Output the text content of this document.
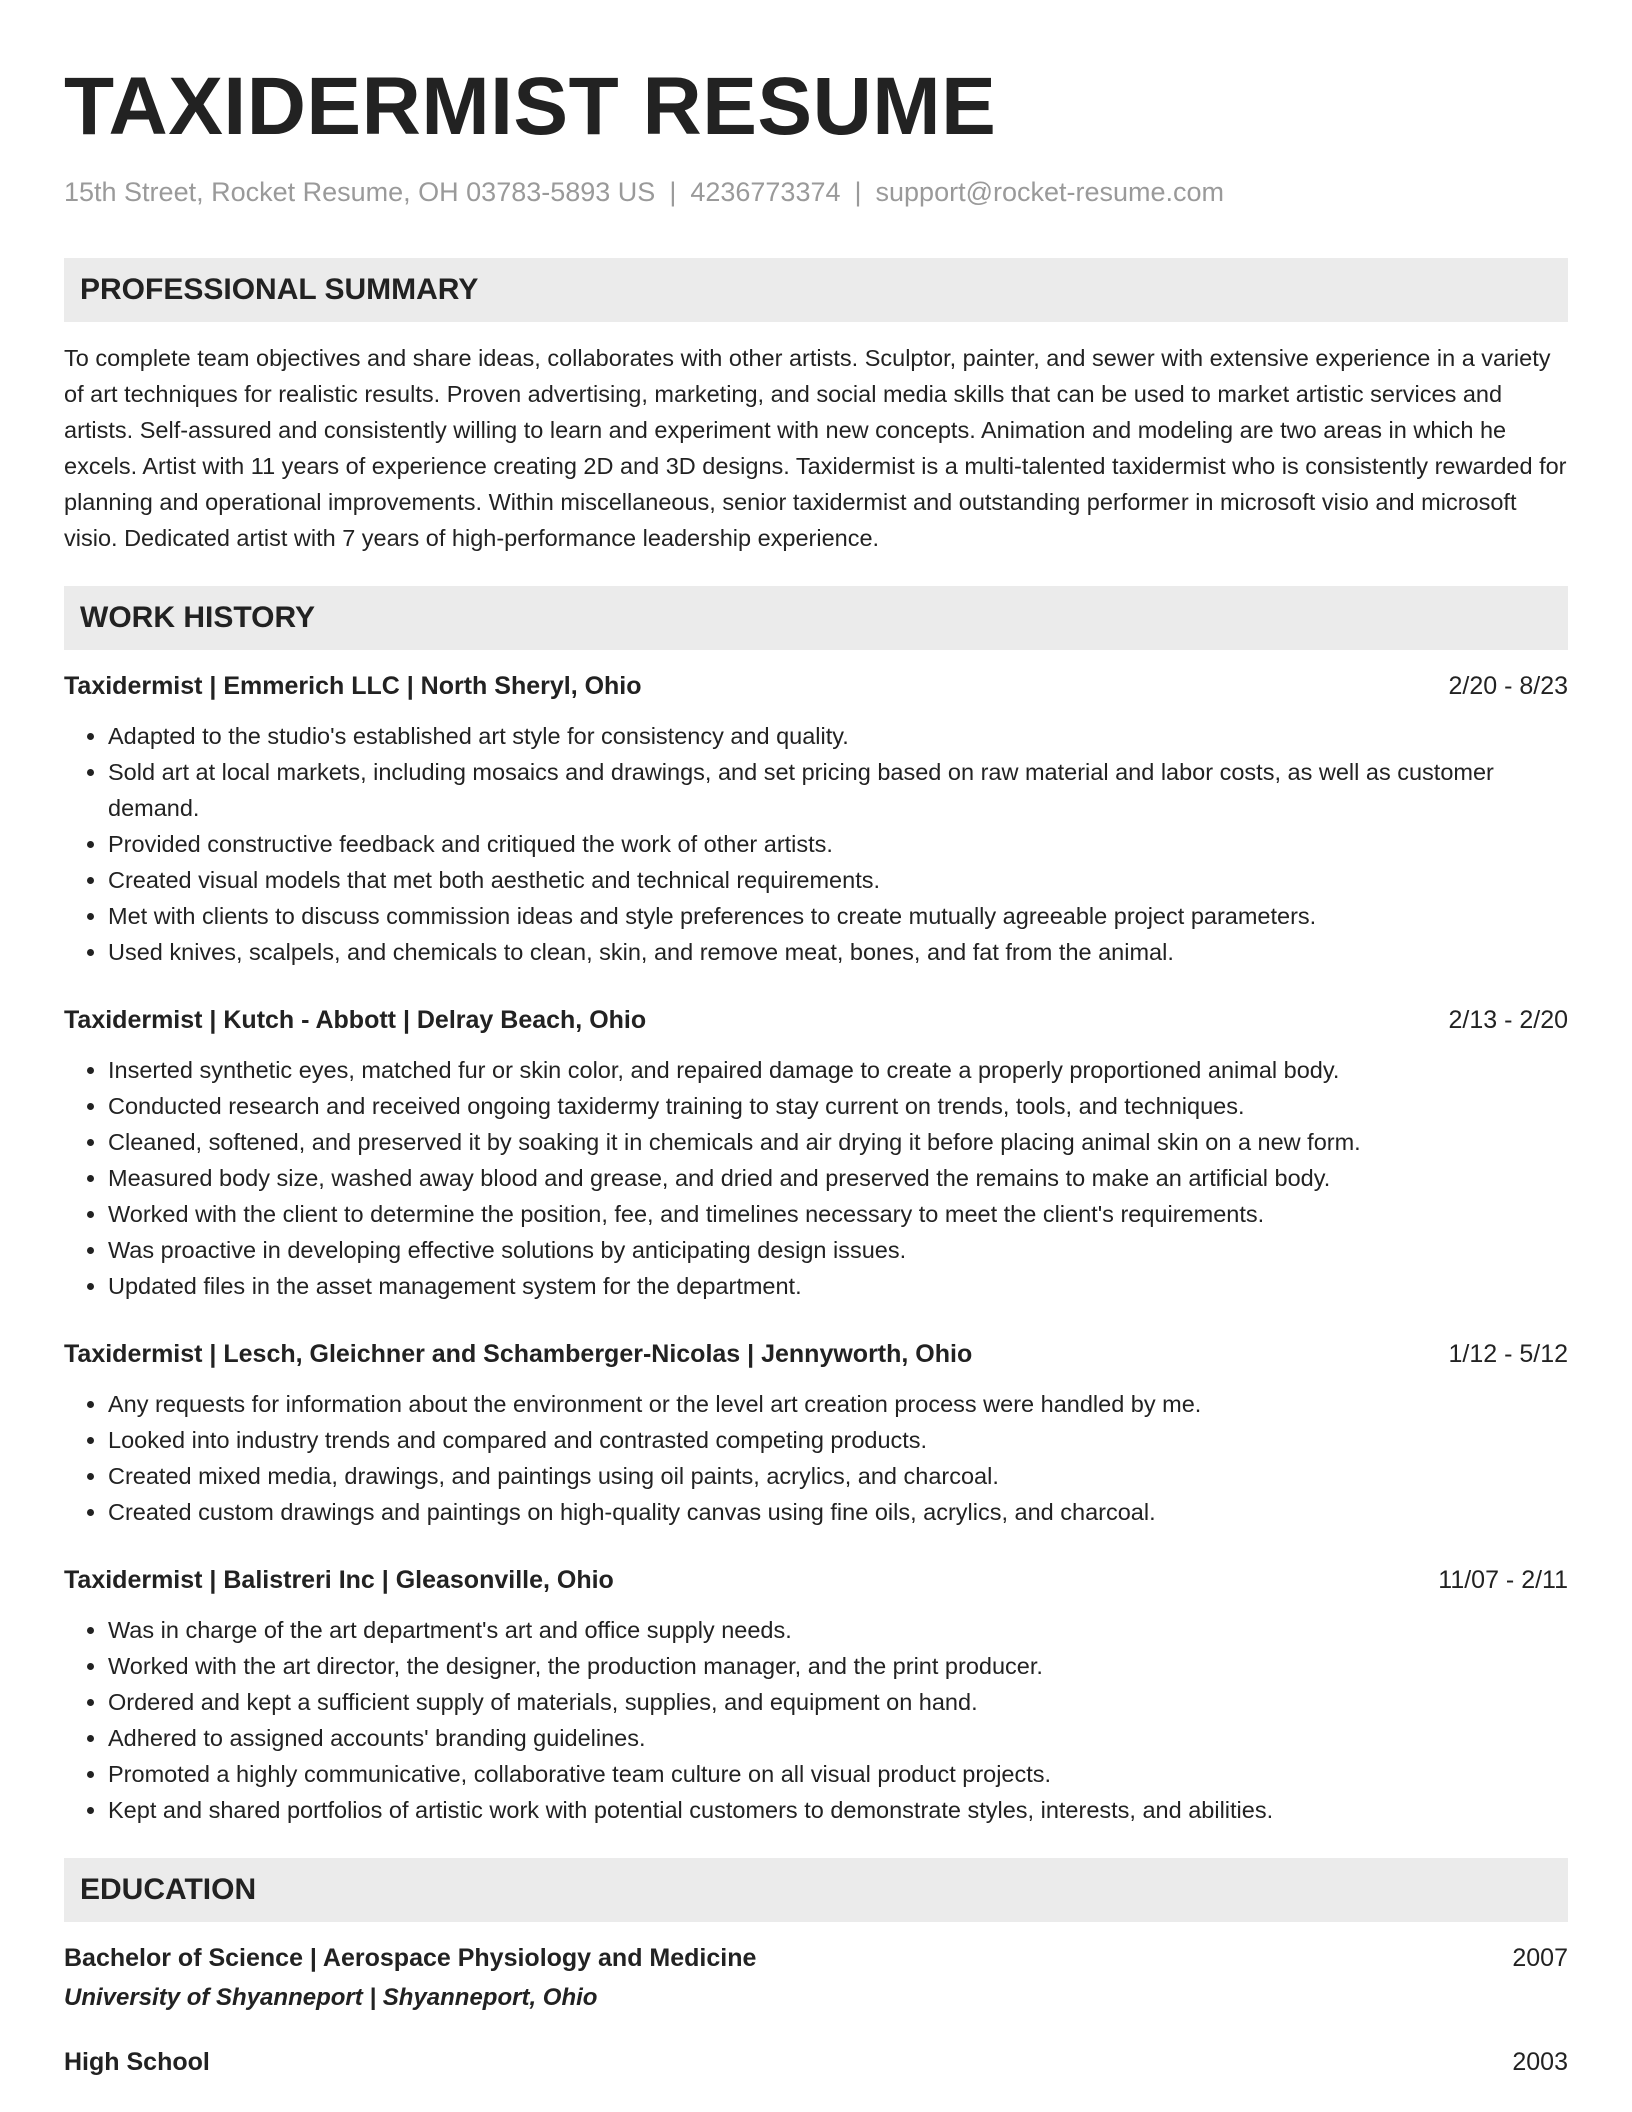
TAXIDERMIST RESUME
15th Street, Rocket Resume, OH 03783-5893 US | 4236773374 | support@rocket-resume.com
PROFESSIONAL SUMMARY

To complete team objectives and share ideas, collaborates with other artists. Sculptor, painter, and sewer with extensive experience in a variety of art techniques for realistic results. Proven advertising, marketing, and social media skills that can be used to market artistic services and artists. Self-assured and consistently willing to learn and experiment with new concepts. Animation and modeling are two areas in which he excels. Artist with 11 years of experience creating 2D and 3D designs. Taxidermist is a multi-talented taxidermist who is consistently rewarded for planning and operational improvements. Within miscellaneous, senior taxidermist and outstanding performer in microsoft visio and microsoft visio. Dedicated artist with 7 years of high-performance leadership experience.

WORK HISTORY
Taxidermist | Emmerich LLC | North Sheryl, Ohio	2/20 - 8/23
• Adapted to the studio's established art style for consistency and quality.
• Sold art at local markets, including mosaics and drawings, and set pricing based on raw material and labor costs, as well as customer demand.
• Provided constructive feedback and critiqued the work of other artists.
• Created visual models that met both aesthetic and technical requirements.
• Met with clients to discuss commission ideas and style preferences to create mutually agreeable project parameters.
• Used knives, scalpels, and chemicals to clean, skin, and remove meat, bones, and fat from the animal.
Taxidermist | Kutch - Abbott | Delray Beach, Ohio	2/13 - 2/20
• Inserted synthetic eyes, matched fur or skin color, and repaired damage to create a properly proportioned animal body.
• Conducted research and received ongoing taxidermy training to stay current on trends, tools, and techniques.
• Cleaned, softened, and preserved it by soaking it in chemicals and air drying it before placing animal skin on a new form.
• Measured body size, washed away blood and grease, and dried and preserved the remains to make an artificial body.
• Worked with the client to determine the position, fee, and timelines necessary to meet the client's requirements.
• Was proactive in developing effective solutions by anticipating design issues.
• Updated files in the asset management system for the department.
Taxidermist | Lesch, Gleichner and Schamberger-Nicolas | Jennyworth, Ohio	1/12 - 5/12
• Any requests for information about the environment or the level art creation process were handled by me.
• Looked into industry trends and compared and contrasted competing products.
• Created mixed media, drawings, and paintings using oil paints, acrylics, and charcoal.
• Created custom drawings and paintings on high-quality canvas using fine oils, acrylics, and charcoal.
Taxidermist | Balistreri Inc | Gleasonville, Ohio	11/07 - 2/11
• Was in charge of the art department's art and office supply needs.
• Worked with the art director, the designer, the production manager, and the print producer.
• Ordered and kept a sufficient supply of materials, supplies, and equipment on hand.
• Adhered to assigned accounts' branding guidelines.
• Promoted a highly communicative, collaborative team culture on all visual product projects.
• Kept and shared portfolios of artistic work with potential customers to demonstrate styles, interests, and abilities.
EDUCATION
Bachelor of Science | Aerospace Physiology and Medicine	2007
University of Shyanneport | Shyanneport, Ohio
High School	2003
